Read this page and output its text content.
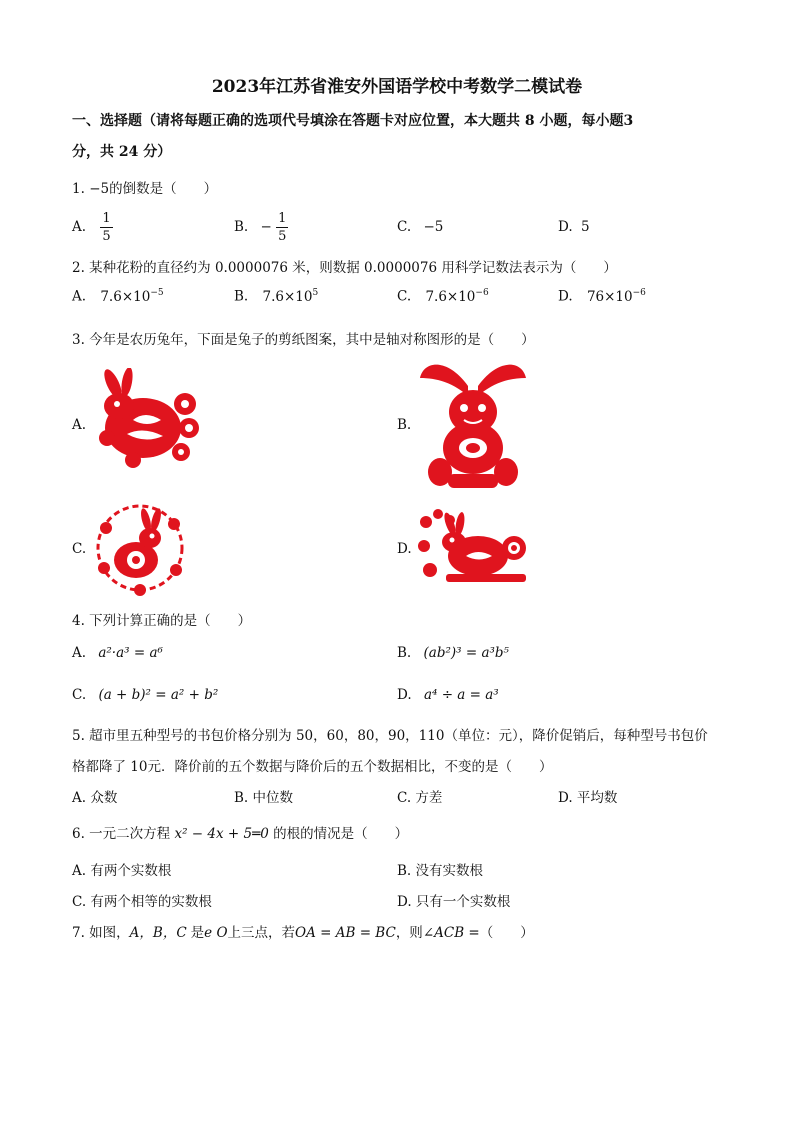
2023年江苏省淮安外国语学校中考数学二模试卷
一、选择题（请将每题正确的选项代号填涂在答题卡对应位置，本大题共 8 小题，每小题3
分，共 24 分）
1. −5的倒数是（　　）
A. $\frac{1}{5}$	B. − $\frac{1}{5}$	C. −5	D. 5
2. 某种花粉的直径约为 0.0000076 米，则数据 0.0000076 用科学记数法表示为（　　）
A. $7.6\times 10^{-5}$	B. $7.6\times 10^5$	C. $7.6\times 10^{-6}$	D. $76\times 10^{-6}$
3. 今年是农历兔年，下面是兔子的剪纸图案，其中是轴对称图形的是（　　）
A.	B.
C.	D.
4. 下列计算正确的是（　　）
A. a²·a³ = a⁶	B. (ab²)³ = a³b⁵
C. (a + b)² = a² + b²	D. a⁴ ÷ a = a³
5. 超市里五种型号的书包价格分别为 50，60，80，90，110（单位：元），降价促销后，每种型号书包价
格都降了 10元．降价前的五个数据与降价后的五个数据相比，不变的是（　　）
A. 众数	B. 中位数	C. 方差	D. 平均数
6. 一元二次方程 x² − 4x + 5═0 的根的情况是（　　）
A. 有两个实数根	B. 没有实数根
C. 有两个相等的实数根	D. 只有一个实数根
7. 如图，A，B，C 是e O上三点，若OA = AB = BC，则∠ACB =（　　）
